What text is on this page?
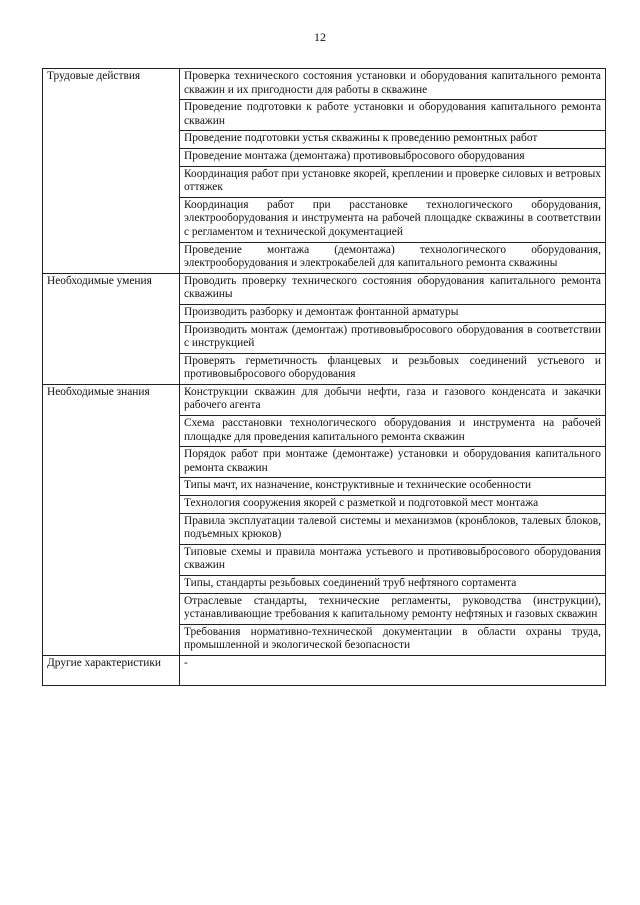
12
Трудовые действия	Проверка технического состояния установки и оборудования капитального ремонта скважин и их пригодности для работы в скважине
	Проведение подготовки к работе установки и оборудования капитального ремонта скважин
	Проведение подготовки устья скважины к проведению ремонтных работ
	Проведение монтажа (демонтажа) противовыбросового оборудования
	Координация работ при установке якорей, креплении и проверке силовых и ветровых оттяжек
	Координация работ при расстановке технологического оборудования, электрооборудования и инструмента на рабочей площадке скважины в соответствии с регламентом и технической документацией
	Проведение монтажа (демонтажа) технологического оборудования, электрооборудования и электрокабелей для капитального ремонта скважины
Необходимые умения	Проводить проверку технического состояния оборудования капитального ремонта скважины
	Производить разборку и демонтаж фонтанной арматуры
	Производить монтаж (демонтаж) противовыбросового оборудования в соответствии с инструкцией
	Проверять герметичность фланцевых и резьбовых соединений устьевого и противовыбросового оборудования
Необходимые знания	Конструкции скважин для добычи нефти, газа и газового конденсата и закачки рабочего агента
	Схема расстановки технологического оборудования и инструмента на рабочей площадке для проведения капитального ремонта скважин
	Порядок работ при монтаже (демонтаже) установки и оборудования капитального ремонта скважин
	Типы мачт, их назначение, конструктивные и технические особенности
	Технология сооружения якорей с разметкой и подготовкой мест монтажа
	Правила эксплуатации талевой системы и механизмов (кронблоков, талевых блоков, подъемных крюков)
	Типовые схемы и правила монтажа устьевого и противовыбросового оборудования скважин
	Типы, стандарты резьбовых соединений труб нефтяного сортамента
	Отраслевые стандарты, технические регламенты, руководства (инструкции), устанавливающие требования к капитальному ремонту нефтяных и газовых скважин
	Требования нормативно-технической документации в области охраны труда, промышленной и экологической безопасности
Другие характеристики	-
